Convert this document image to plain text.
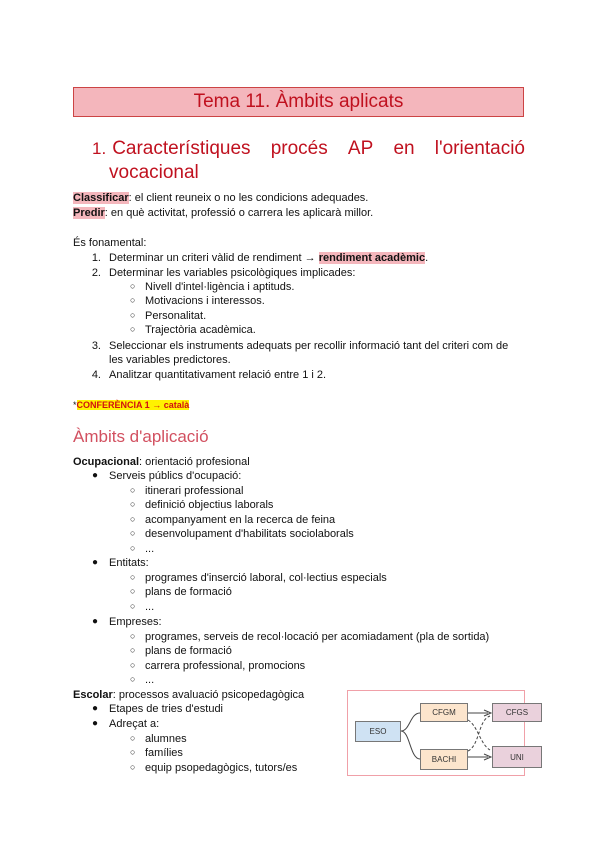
Tema 11. Àmbits aplicats
1. Característiques procés AP en l'orientació
vocacional
Classificar: el client reuneix o no les condicions adequades.
Predir: en què activitat, professió o carrera les aplicarà millor.
És fonamental:
1. Determinar un criteri vàlid de rendiment → rendiment acadèmic.
2. Determinar les variables psicològiques implicades:
○ Nivell d'intel·ligència i aptituds.
○ Motivacions i interessos.
○ Personalitat.
○ Trajectòria acadèmica.
3. Seleccionar els instruments adequats per recollir informació tant del criteri com de
les variables predictores.
4. Analitzar quantitativament relació entre 1 i 2.
*CONFERÈNCIA 1 → català
Àmbits d'aplicació
Ocupacional: orientació profesional
● Serveis públics d'ocupació:
○ itinerari professional
○ definició objectius laborals
○ acompanyament en la recerca de feina
○ desenvolupament d'habilitats sociolaborals
○ ...
● Entitats:
○ programes d'inserció laboral, col·lectius especials
○ plans de formació
○ ...
● Empreses:
○ programes, serveis de recol·locació per acomiadament (pla de sortida)
○ plans de formació
○ carrera professional, promocions
○ ...
Escolar: processos avaluació psicopedagògica
● Etapes de tries d'estudi
● Adreçat a:
○ alumnes
○ famílies
○ equip psopedagògics, tutors/es
ESO
CFGM
BACHI
CFGS
UNI
